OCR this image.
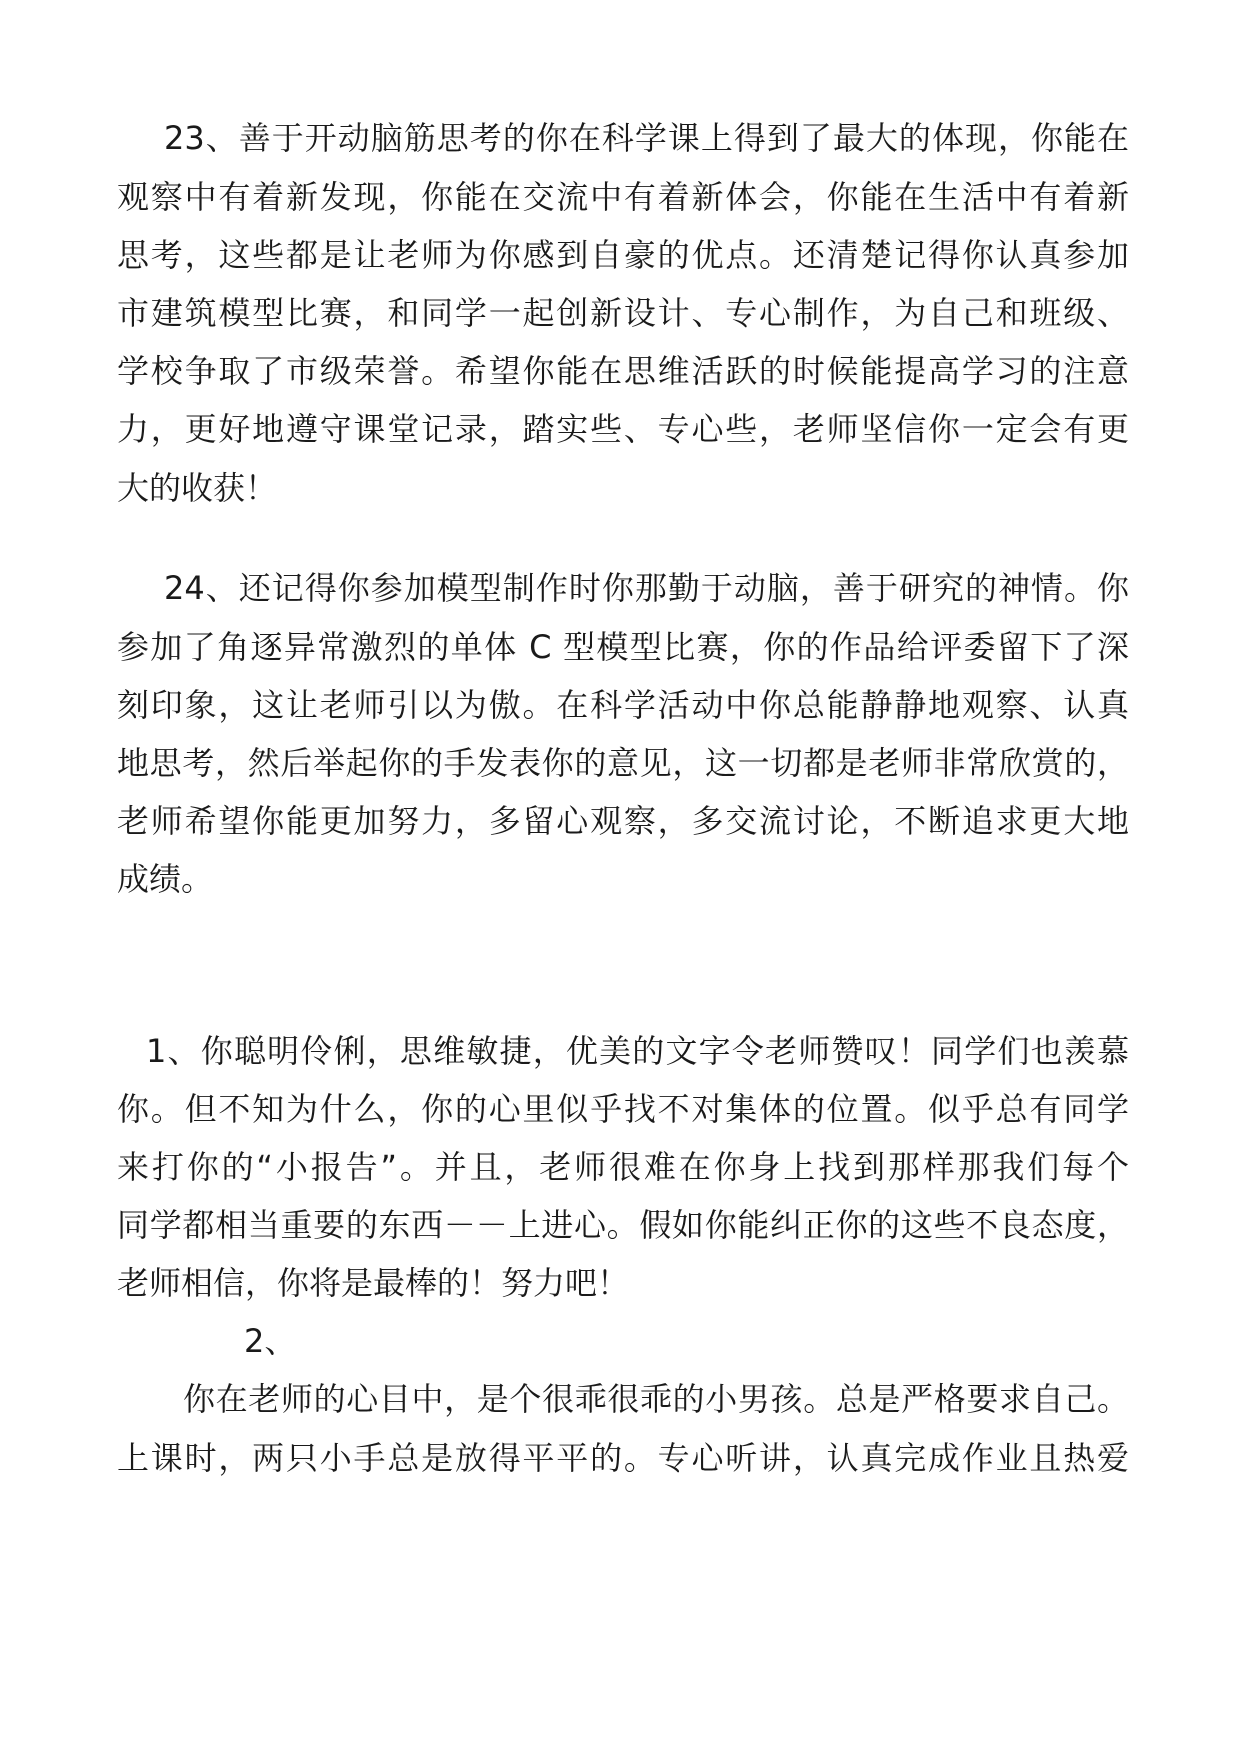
23、善于开动脑筋思考的你在科学课上得到了最大的体现，你能在

观察中有着新发现，你能在交流中有着新体会，你能在生活中有着新

思考，这些都是让老师为你感到自豪的优点。还清楚记得你认真参加

市建筑模型比赛，和同学一起创新设计、专心制作，为自己和班级、

学校争取了市级荣誉。希望你能在思维活跃的时候能提高学习的注意

力，更好地遵守课堂记录，踏实些、专心些，老师坚信你一定会有更

大的收获！

24、还记得你参加模型制作时你那勤于动脑，善于研究的神情。你

参加了角逐异常激烈的单体 C 型模型比赛，你的作品给评委留下了深

刻印象，这让老师引以为傲。在科学活动中你总能静静地观察、认真

地思考，然后举起你的手发表你的意见，这一切都是老师非常欣赏的，

老师希望你能更加努力，多留心观察，多交流讨论，不断追求更大地

成绩。

1、你聪明伶俐，思维敏捷，优美的文字令老师赞叹！同学们也羡慕

你。但不知为什么，你的心里似乎找不对集体的位置。似乎总有同学

来打你的“小报告”。并且，老师很难在你身上找到那样那我们每个

同学都相当重要的东西－－上进心。假如你能纠正你的这些不良态度，

老师相信，你将是最棒的！努力吧！

2、

你在老师的心目中，是个很乖很乖的小男孩。总是严格要求自己。

上课时，两只小手总是放得平平的。专心听讲，认真完成作业且热爱
